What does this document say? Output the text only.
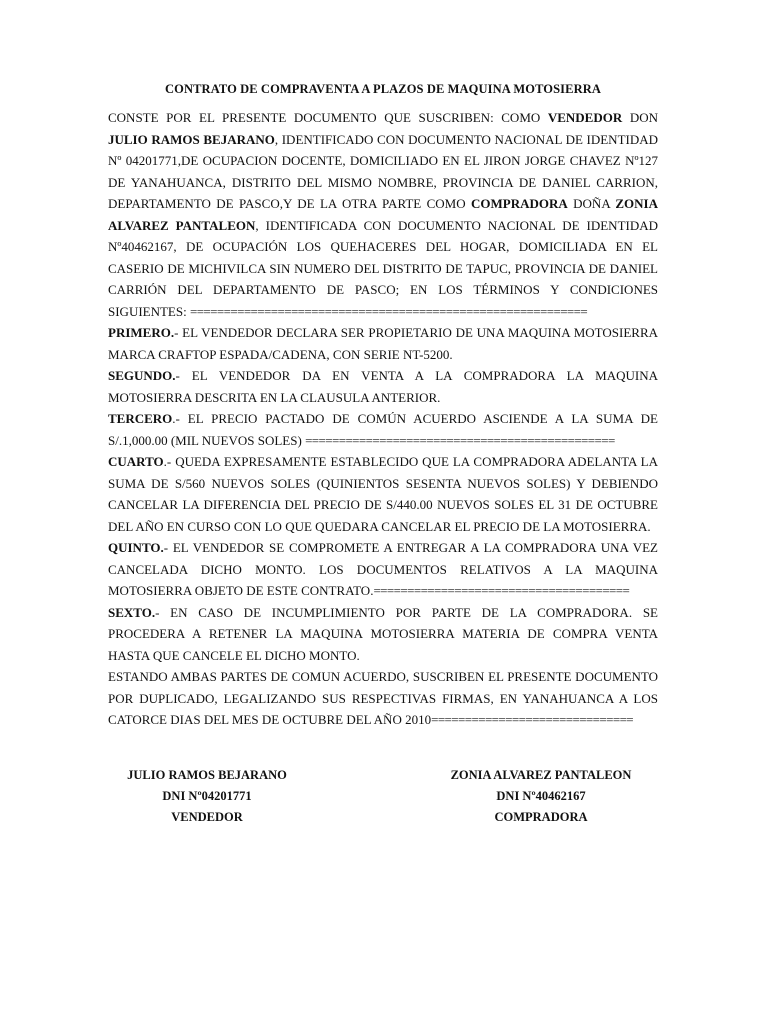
CONTRATO DE COMPRAVENTA A PLAZOS DE MAQUINA MOTOSIERRA

CONSTE POR EL PRESENTE DOCUMENTO QUE SUSCRIBEN: COMO VENDEDOR DON JULIO RAMOS BEJARANO, IDENTIFICADO CON DOCUMENTO NACIONAL DE IDENTIDAD Nº 04201771,DE OCUPACION DOCENTE, DOMICILIADO EN EL JIRON JORGE CHAVEZ Nº127 DE YANAHUANCA, DISTRITO DEL MISMO NOMBRE, PROVINCIA DE DANIEL CARRION, DEPARTAMENTO DE PASCO,Y DE LA OTRA PARTE COMO COMPRADORA DOÑA ZONIA ALVAREZ PANTALEON, IDENTIFICADA CON DOCUMENTO NACIONAL DE IDENTIDAD Nº40462167, DE OCUPACIÓN LOS QUEHACERES DEL HOGAR, DOMICILIADA EN EL CASERIO DE MICHIVILCA SIN NUMERO DEL DISTRITO DE TAPUC, PROVINCIA DE DANIEL CARRIÓN DEL DEPARTAMENTO DE PASCO; EN LOS TÉRMINOS Y CONDICIONES SIGUIENTES: ===========================================================

PRIMERO.- EL VENDEDOR DECLARA SER PROPIETARIO DE UNA MAQUINA MOTOSIERRA MARCA CRAFTOP ESPADA/CADENA, CON SERIE NT-5200.

SEGUNDO.- EL VENDEDOR DA EN VENTA A LA COMPRADORA LA MAQUINA MOTOSIERRA DESCRITA EN LA CLAUSULA ANTERIOR.

TERCERO.- EL PRECIO PACTADO DE COMÚN ACUERDO ASCIENDE A LA SUMA DE S/.1,000.00 (MIL NUEVOS SOLES) ==============================================

CUARTO.- QUEDA EXPRESAMENTE ESTABLECIDO QUE LA COMPRADORA ADELANTA LA SUMA DE S/560 NUEVOS SOLES (QUINIENTOS SESENTA NUEVOS SOLES) Y DEBIENDO CANCELAR LA DIFERENCIA DEL PRECIO DE S/440.00 NUEVOS SOLES EL 31 DE OCTUBRE DEL AÑO EN CURSO CON LO QUE QUEDARA CANCELAR EL PRECIO DE LA MOTOSIERRA.

QUINTO.- EL VENDEDOR SE COMPROMETE A ENTREGAR A LA COMPRADORA UNA VEZ CANCELADA DICHO MONTO. LOS DOCUMENTOS RELATIVOS A LA MAQUINA MOTOSIERRA OBJETO DE ESTE CONTRATO.======================================

SEXTO.- EN CASO DE INCUMPLIMIENTO POR PARTE DE LA COMPRADORA. SE PROCEDERA A RETENER LA MAQUINA MOTOSIERRA MATERIA DE COMPRA VENTA HASTA QUE CANCELE EL DICHO MONTO.

ESTANDO AMBAS PARTES DE COMUN ACUERDO, SUSCRIBEN EL PRESENTE DOCUMENTO POR DUPLICADO, LEGALIZANDO SUS RESPECTIVAS FIRMAS, EN YANAHUANCA A LOS CATORCE DIAS DEL MES DE OCTUBRE DEL AÑO 2010==============================

JULIO RAMOS BEJARANO
DNI Nº04201771
VENDEDOR
ZONIA ALVAREZ PANTALEON
DNI Nº40462167
COMPRADORA
